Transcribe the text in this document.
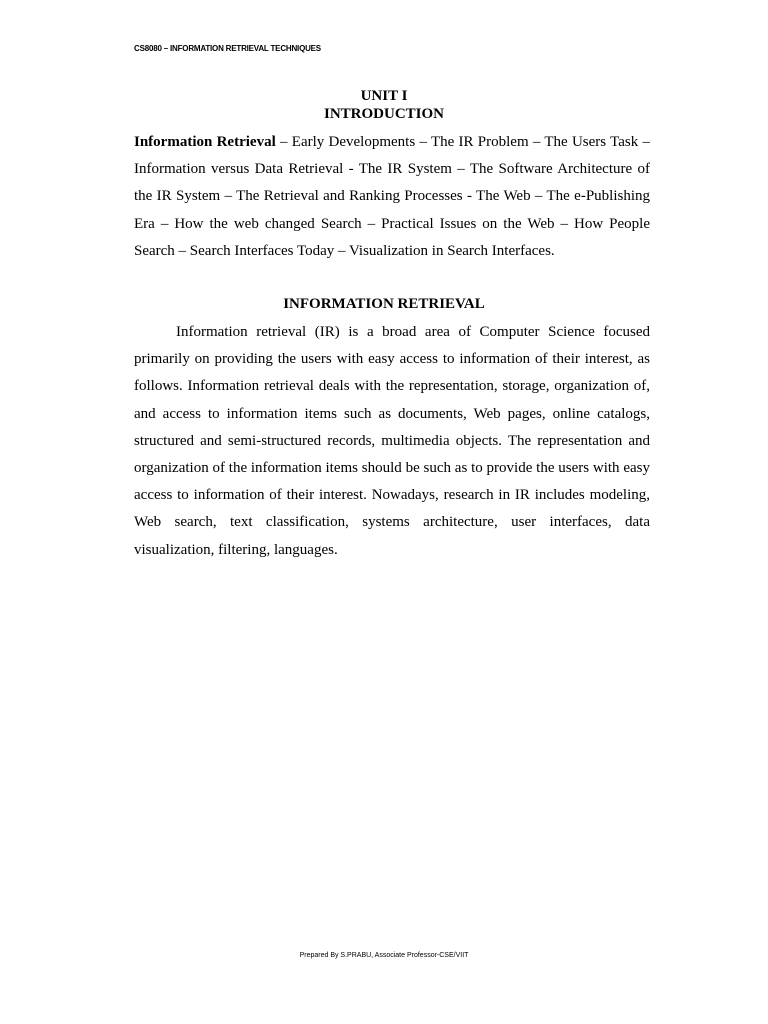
CS8080 – INFORMATION RETRIEVAL TECHNIQUES
UNIT I
INTRODUCTION

Information Retrieval – Early Developments – The IR Problem – The Users Task – Information versus Data Retrieval - The IR System – The Software Architecture of the IR System – The Retrieval and Ranking Processes - The Web – The e-Publishing Era – How the web changed Search – Practical Issues on the Web – How People Search – Search Interfaces Today – Visualization in Search Interfaces.

INFORMATION RETRIEVAL

Information retrieval (IR) is a broad area of Computer Science focused primarily on providing the users with easy access to information of their interest, as follows. Information retrieval deals with the representation, storage, organization of, and access to information items such as documents, Web pages, online catalogs, structured and semi-structured records, multimedia objects. The representation and organization of the information items should be such as to provide the users with easy access to information of their interest. Nowadays, research in IR includes modeling, Web search, text classification, systems architecture, user interfaces, data visualization, filtering, languages.

Prepared By S.PRABU, Associate Professor-CSE/VIIT
